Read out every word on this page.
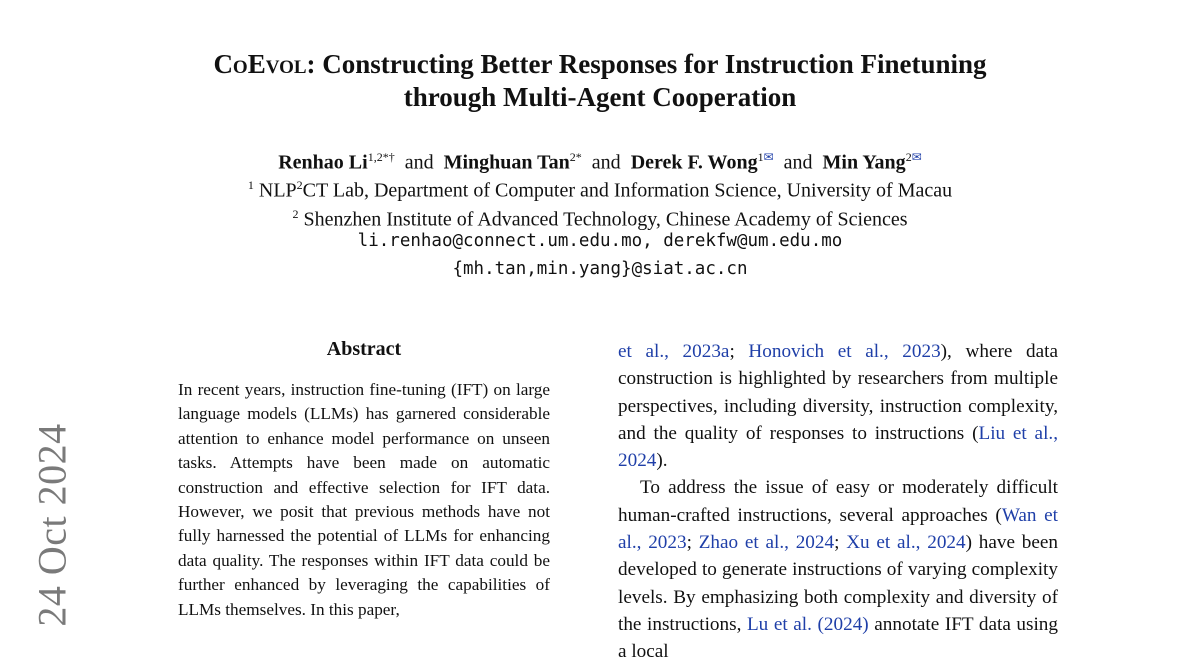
24 Oct 2024
CoEvol: Constructing Better Responses for Instruction Finetuning
through Multi-Agent Cooperation
Renhao $Li^{1,2*\dagger}$ and Minghuan Tan$^{2*}$ and Derek F. Wong$^{1✉}$ and Min Yang$^{2✉}$
$^1$ NLP$^2$CT Lab, Department of Computer and Information Science, University of Macau
$^2$ Shenzhen Institute of Advanced Technology, Chinese Academy of Sciences
li.renhao@connect.um.edu.mo, derekfw@um.edu.mo
{mh.tan,min.yang}@siat.ac.cn
Abstract
In recent years, instruction fine-tuning (IFT) on large language models (LLMs) has garnered considerable attention to enhance model performance on unseen tasks. Attempts have been made on automatic construction and effective selection for IFT data. However, we posit that previous methods have not fully harnessed the potential of LLMs for enhancing data quality. The responses within IFT data could be further enhanced by leveraging the capabilities of LLMs themselves. In this paper,

et al., 2023a; Honovich et al., 2023), where data construction is highlighted by researchers from multiple perspectives, including diversity, instruction complexity, and the quality of responses to instructions (Liu et al., 2024).

To address the issue of easy or moderately difficult human-crafted instructions, several approaches (Wan et al., 2023; Zhao et al., 2024; Xu et al., 2024) have been developed to generate instructions of varying complexity levels. By emphasizing both complexity and diversity of the instructions, Lu et al. (2024) annotate IFT data using a local
